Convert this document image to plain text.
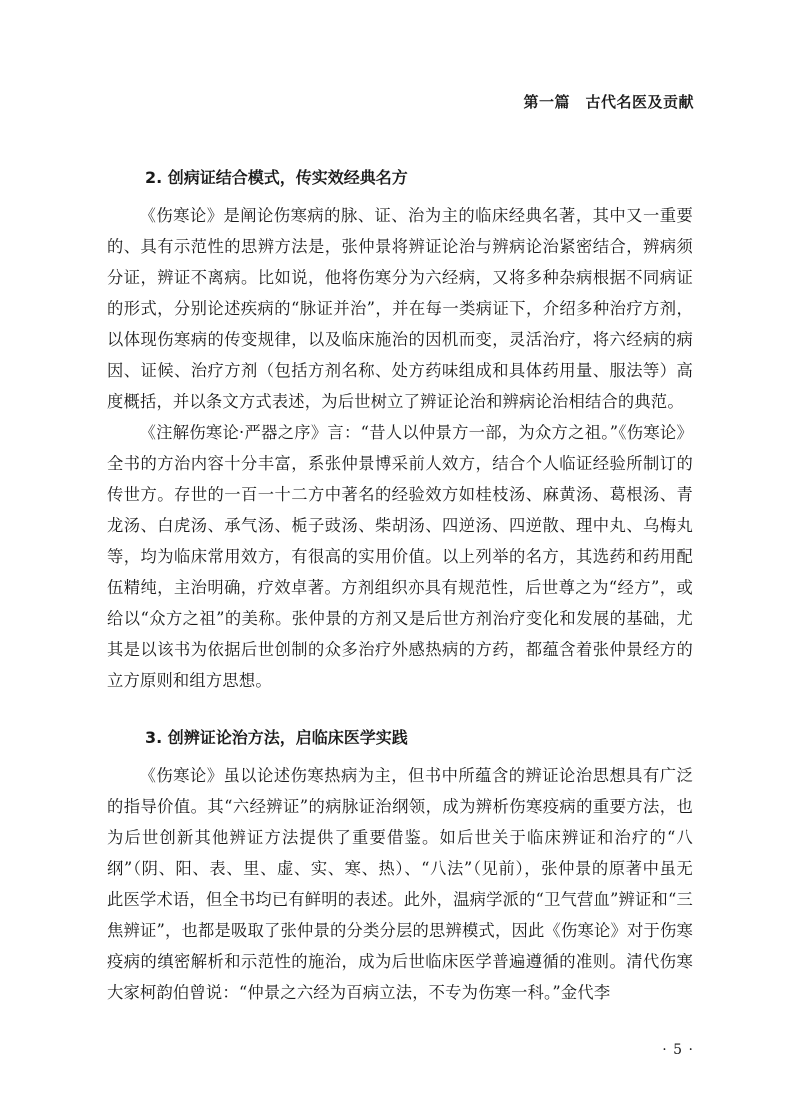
第一篇　古代名医及贡献
2. 创病证结合模式，传实效经典名方

《伤寒论》是阐论伤寒病的脉、证、治为主的临床经典名著，其中又一重要的、具有示范性的思辨方法是，张仲景将辨证论治与辨病论治紧密结合，辨病须分证，辨证不离病。比如说，他将伤寒分为六经病，又将多种杂病根据不同病证的形式，分别论述疾病的“脉证并治”，并在每一类病证下，介绍多种治疗方剂，以体现伤寒病的传变规律，以及临床施治的因机而变，灵活治疗，将六经病的病因、证候、治疗方剂（包括方剂名称、处方药味组成和具体药用量、服法等）高度概括，并以条文方式表述，为后世树立了辨证论治和辨病论治相结合的典范。

《注解伤寒论·严器之序》言：“昔人以仲景方一部，为众方之祖。”《伤寒论》全书的方治内容十分丰富，系张仲景博采前人效方，结合个人临证经验所制订的传世方。存世的一百一十二方中著名的经验效方如桂枝汤、麻黄汤、葛根汤、青龙汤、白虎汤、承气汤、栀子豉汤、柴胡汤、四逆汤、四逆散、理中丸、乌梅丸等，均为临床常用效方，有很高的实用价值。以上列举的名方，其选药和药用配伍精纯，主治明确，疗效卓著。方剂组织亦具有规范性，后世尊之为“经方”，或给以“众方之祖”的美称。张仲景的方剂又是后世方剂治疗变化和发展的基础，尤其是以该书为依据后世创制的众多治疗外感热病的方药，都蕴含着张仲景经方的立方原则和组方思想。

3. 创辨证论治方法，启临床医学实践

《伤寒论》虽以论述伤寒热病为主，但书中所蕴含的辨证论治思想具有广泛的指导价值。其“六经辨证”的病脉证治纲领，成为辨析伤寒疫病的重要方法，也为后世创新其他辨证方法提供了重要借鉴。如后世关于临床辨证和治疗的“八纲”（阴、阳、表、里、虚、实、寒、热）、“八法”（见前），张仲景的原著中虽无此医学术语，但全书均已有鲜明的表述。此外，温病学派的“卫气营血”辨证和“三焦辨证”，也都是吸取了张仲景的分类分层的思辨模式，因此《伤寒论》对于伤寒疫病的缜密解析和示范性的施治，成为后世临床医学普遍遵循的准则。清代伤寒大家柯韵伯曾说：“仲景之六经为百病立法，不专为伤寒一科。”金代李

· 5 ·
